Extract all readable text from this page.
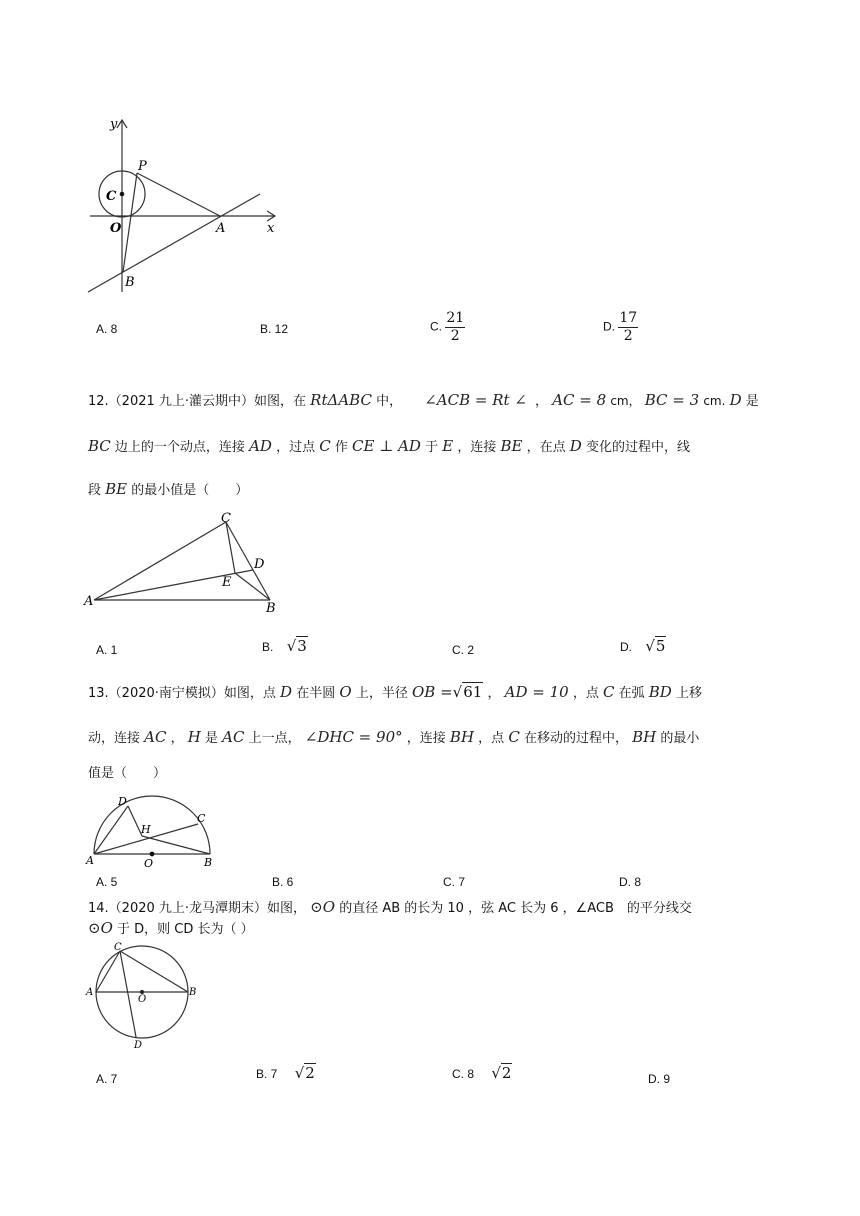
y
x
P
C
O	A
B
A. 8	B. 12	C. $\frac{21}{2}$	D. $\frac{17}{2}$
12.（2021 九上·灌云期中）如图，在 RtΔABC 中， ∠ACB = Rt ∠ ， AC = 8 cm， BC = 3 cm. D 是
BC 边上的一个动点，连接 AD ，过点 C 作 CE ⊥ AD 于 E ，连接 BE ，在点 D 变化的过程中，线
段 BE 的最小值是（　　）
C
D
E
A	B
A. 1	B. √3	C. 2	D. √5
13.（2020·南宁模拟）如图，点 D 在半圆 O 上，半径 OB =√61 ， AD = 10 ，点 C 在弧 BD 上移
动，连接 AC ， H 是 AC 上一点， ∠DHC = 90° ，连接 BH ，点 C 在移动的过程中， BH 的最小
值是（　　）
D
C
H
A	O	B
A. 5	B. 6	C. 7	D. 8
14.（2020 九上·龙马潭期末）如图， ⊙O 的直径 AB 的长为 10 ，弦 AC 长为 6 ，∠ACB　的平分线交
⊙O 于 D，则 CD 长为（ ）
C
A
O
B
D
A. 7	B. 7 √2	C. 8 √2	D. 9
